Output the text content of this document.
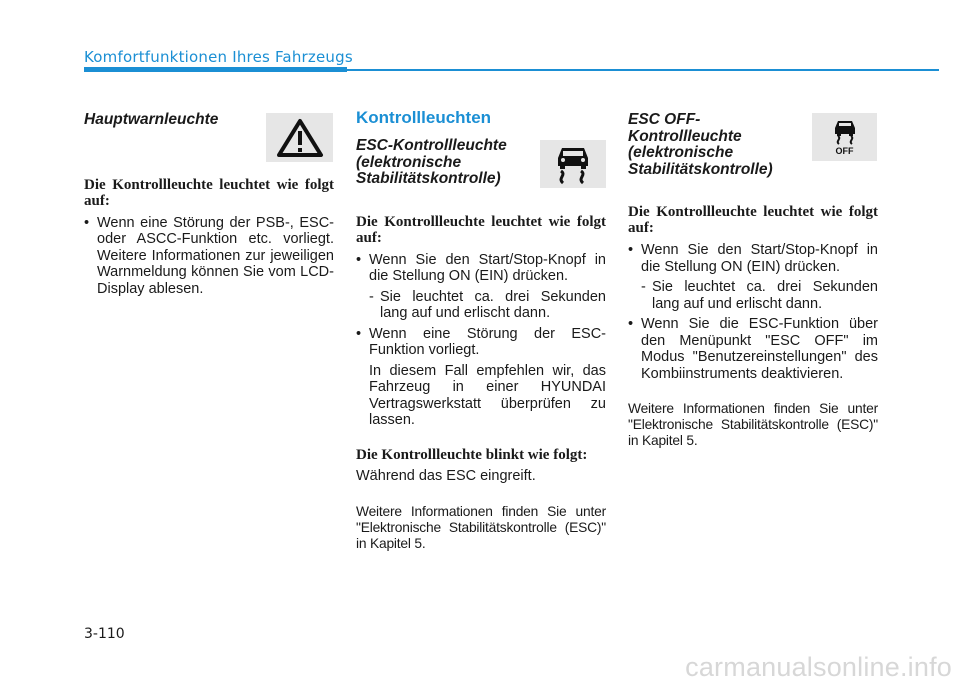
Komfortfunktionen Ihres Fahrzeugs

Hauptwarnleuchte

Die Kontrollleuchte leuchtet wie folgt auf:

• Wenn eine Störung der PSB-, ESC- oder ASCC-Funktion etc. vorliegt. Weitere Informationen zur jeweiligen Warnmeldung können Sie vom LCD-Display ablesen.

Kontrollleuchten

ESC-Kontrollleuchte (elektronische Stabilitätskontrolle)

Die Kontrollleuchte leuchtet wie folgt auf:

• Wenn Sie den Start/Stop-Knopf in die Stellung ON (EIN) drücken.
- Sie leuchtet ca. drei Sekunden lang auf und erlischt dann.
• Wenn eine Störung der ESC-Funktion vorliegt.

In diesem Fall empfehlen wir, das Fahrzeug in einer HYUNDAI Vertragswerkstatt überprüfen zu lassen.

Die Kontrollleuchte blinkt wie folgt:

Während das ESC eingreift.

Weitere Informationen finden Sie unter "Elektronische Stabilitätskontrolle (ESC)" in Kapitel 5.

ESC OFF-Kontrollleuchte (elektronische Stabilitätskontrolle)

Die Kontrollleuchte leuchtet wie folgt auf:

• Wenn Sie den Start/Stop-Knopf in die Stellung ON (EIN) drücken.
- Sie leuchtet ca. drei Sekunden lang auf und erlischt dann.
• Wenn Sie die ESC-Funktion über den Menüpunkt "ESC OFF" im Modus "Benutzereinstellungen" des Kombiinstruments deaktivieren.

Weitere Informationen finden Sie unter "Elektronische Stabilitätskontrolle (ESC)" in Kapitel 5.

OFF
3-110
carmanualsonline.info
